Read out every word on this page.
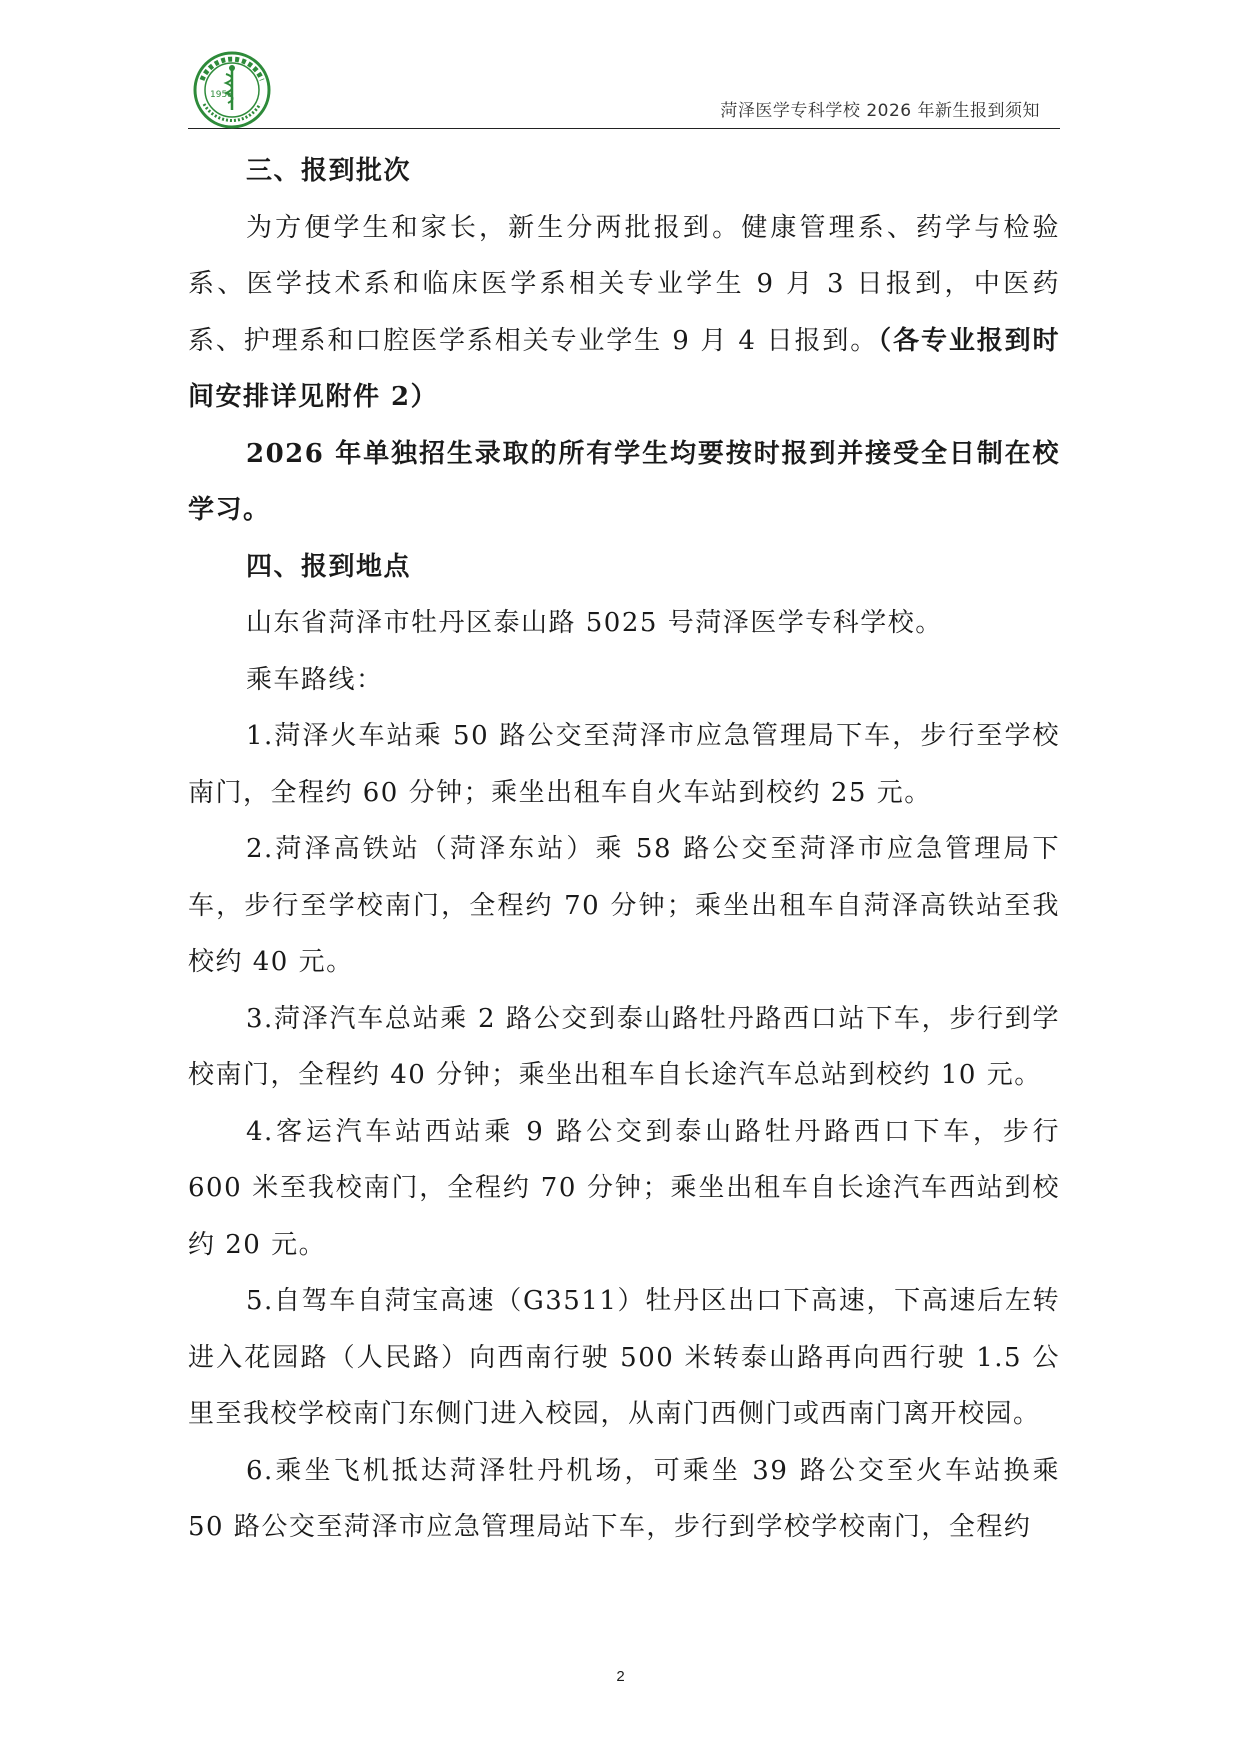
1958
菏泽医学专科学校 2026 年新生报到须知

三、报到批次

为方便学生和家长，新生分两批报到。健康管理系、药学与检验系、医学技术系和临床医学系相关专业学生 9 月 3 日报到，中医药系、护理系和口腔医学系相关专业学生 9 月 4 日报到。（各专业报到时间安排详见附件 2）

2026 年单独招生录取的所有学生均要按时报到并接受全日制在校学习。

四、报到地点

山东省菏泽市牡丹区泰山路 5025 号菏泽医学专科学校。

乘车路线：

1.菏泽火车站乘 50 路公交至菏泽市应急管理局下车，步行至学校南门，全程约 60 分钟；乘坐出租车自火车站到校约 25 元。

2.菏泽高铁站（菏泽东站）乘 58 路公交至菏泽市应急管理局下车，步行至学校南门，全程约 70 分钟；乘坐出租车自菏泽高铁站至我校约 40 元。

3.菏泽汽车总站乘 2 路公交到泰山路牡丹路西口站下车，步行到学校南门，全程约 40 分钟；乘坐出租车自长途汽车总站到校约 10 元。

4.客运汽车站西站乘 9 路公交到泰山路牡丹路西口下车，步行 600 米至我校南门，全程约 70 分钟；乘坐出租车自长途汽车西站到校约 20 元。

5.自驾车自菏宝高速（G3511）牡丹区出口下高速，下高速后左转进入花园路（人民路）向西南行驶 500 米转泰山路再向西行驶 1.5 公里至我校学校南门东侧门进入校园，从南门西侧门或西南门离开校园。

6.乘坐飞机抵达菏泽牡丹机场，可乘坐 39 路公交至火车站换乘 50 路公交至菏泽市应急管理局站下车，步行到学校学校南门，全程约

2
